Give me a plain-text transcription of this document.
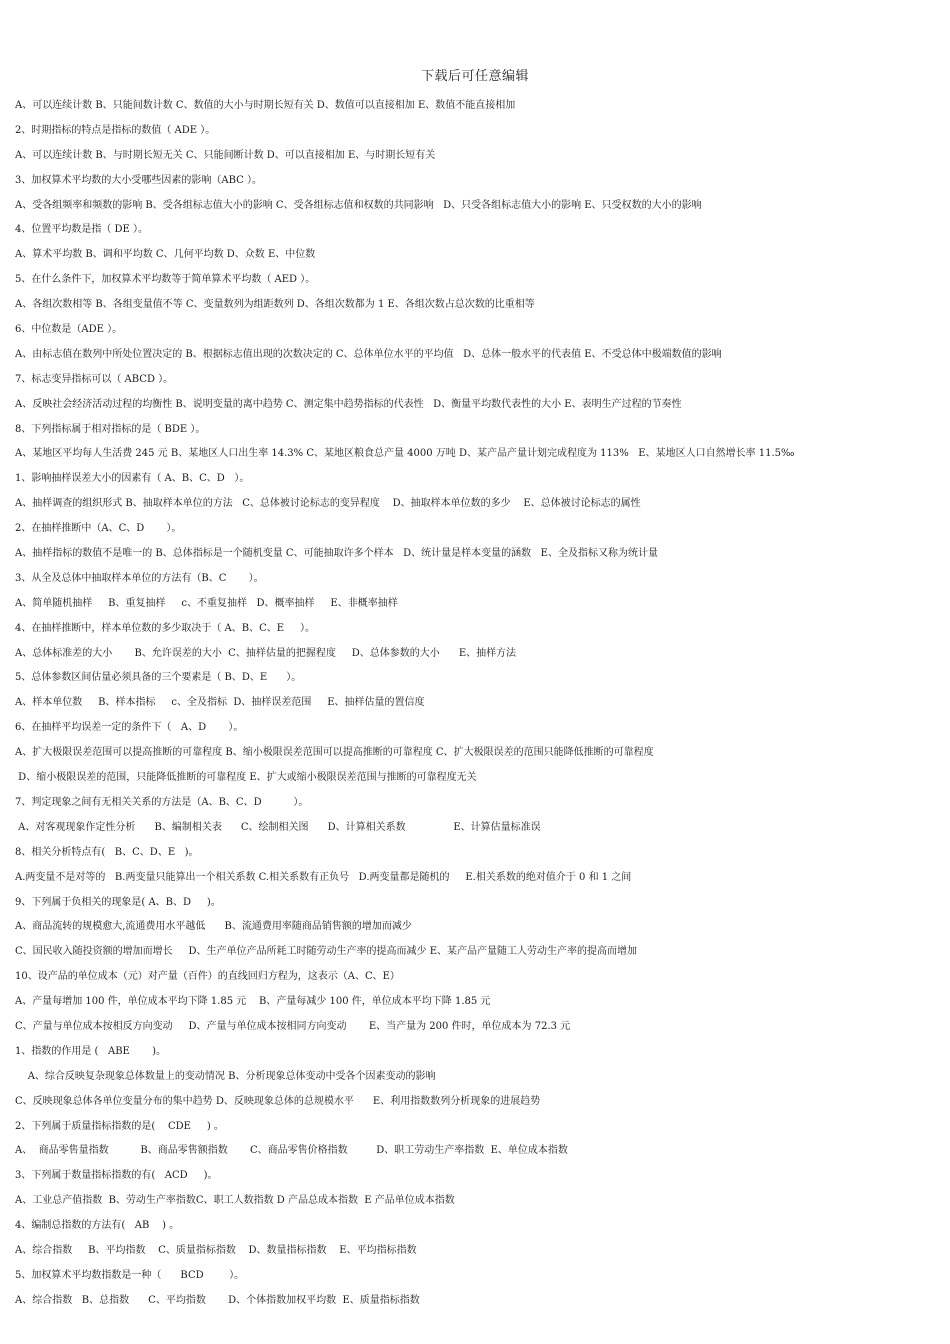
下载后可任意编辑
A、可以连续计数 B、只能间数计数 C、数值的大小与时期长短有关 D、数值可以直接相加 E、数值不能直接相加
2、时期指标的特点是指标的数值（ ADE ）。
A、可以连续计数 B、与时期长短无关 C、只能间断计数 D、可以直接相加 E、与时期长短有关
3、加权算术平均数的大小受哪些因素的影响（ABC ）。
A、受各组频率和频数的影响 B、受各组标志值大小的影响 C、受各组标志值和权数的共同影响   D、只受各组标志值大小的影响 E、只受权数的大小的影响
4、位置平均数是指（ DE ）。
A、算术平均数 B、调和平均数 C、几何平均数 D、众数 E、中位数
5、在什么条件下，加权算术平均数等于简单算术平均数（ AED ）。
A、各组次数相等 B、各组变量值不等 C、变量数列为组距数列 D、各组次数都为 1 E、各组次数占总次数的比重相等
6、中位数是（ADE ）。
A、由标志值在数列中所处位置决定的 B、根据标志值出现的次数决定的 C、总体单位水平的平均值   D、总体一般水平的代表值 E、不受总体中极端数值的影响
7、标志变异指标可以（ ABCD ）。
A、反映社会经济活动过程的均衡性 B、说明变量的离中趋势 C、测定集中趋势指标的代表性   D、衡量平均数代表性的大小 E、表明生产过程的节奏性
8、下列指标属于相对指标的是（ BDE ）。
A、某地区平均每人生活费 245 元 B、某地区人口出生率 14.3% C、某地区粮食总产量 4000 万吨 D、某产品产量计划完成程度为 113%   E、某地区人口自然增长率 11.5‰
1、影响抽样误差大小的因素有（ A、B、C、D   ）。
A、抽样调查的组织形式 B、抽取样本单位的方法   C、总体被讨论标志的变异程度    D、抽取样本单位数的多少    E、总体被讨论标志的属性
2、在抽样推断中（A、C、D       ）。
A、抽样指标的数值不是唯一的 B、总体指标是一个随机变量 C、可能抽取许多个样本   D、统计量是样本变量的涵数   E、全及指标又称为统计量
3、从全及总体中抽取样本单位的方法有（B、C       ）。
A、简单随机抽样     B、重复抽样     c、不重复抽样   D、概率抽样     E、非概率抽样
4、在抽样推断中，样本单位数的多少取决于（ A、B、C、E     ）。
A、总体标准差的大小       B、允许误差的大小  C、抽样估量的把握程度     D、总体参数的大小      E、抽样方法
5、总体参数区间估量必须具备的三个要素是（ B、D、E      ）。
A、样本单位数     B、样本指标     c、全及指标  D、抽样误差范围     E、抽样估量的置信度
6、在抽样平均误差一定的条件下（   A、D       ）。
A、扩大极限误差范围可以提高推断的可靠程度 B、缩小极限误差范围可以提高推断的可靠程度 C、扩大极限误差的范围只能降低推断的可靠程度
D、缩小极限误差的范围，只能降低推断的可靠程度 E、扩大或缩小极限误差范围与推断的可靠程度无关
7、判定现象之间有无相关关系的方法是（A、B、C、D          ）。
A、对客观现象作定性分析      B、编制相关表      C、绘制相关图      D、计算相关系数               E、计算估量标准误
8、相关分析特点有(   B、C、D、E   )。
A.两变量不是对等的   B.两变量只能算出一个相关系数 C.相关系数有正负号   D.两变量都是随机的     E.相关系数的绝对值介于 0 和 1 之间
9、下列属于负相关的现象是( A、B、D     )。
A、商品流转的规模愈大,流通费用水平越低      B、流通费用率随商品销售额的增加而减少
C、国民收入随投资额的增加而增长     D、生产单位产品所耗工时随劳动生产率的提高而减少 E、某产品产量随工人劳动生产率的提高而增加
10、设产品的单位成本（元）对产量（百件）的直线回归方程为，这表示（A、C、E）
A、产量每增加 100 件，单位成本平均下降 1.85 元    B、产量每减少 100 件，单位成本平均下降 1.85 元
C、产量与单位成本按相反方向变动     D、产量与单位成本按相同方向变动       E、当产量为 200 件时，单位成本为 72.3 元
1、指数的作用是 (   ABE       )。
A、综合反映复杂现象总体数量上的变动情况 B、分析现象总体变动中受各个因素变动的影响
C、反映现象总体各单位变量分布的集中趋势 D、反映现象总体的总规模水平      E、利用指数数列分析现象的进展趋势
2、下列属于质量指标指数的是(    CDE     ) 。
A、  商品零售量指数          B、商品零售额指数       C、商品零售价格指数         D、职工劳动生产率指数  E、单位成本指数
3、下列属于数量指标指数的有(   ACD     )。
A、工业总产值指数  B、劳动生产率指数C、职工人数指数 D 产品总成本指数  E 产品单位成本指数
4、编制总指数的方法有(   AB    ) 。
A、综合指数     B、平均指数    C、质量指标指数    D、数量指标指数    E、平均指标指数
5、加权算术平均数指数是一种（      BCD        ）。
A、综合指数   B、总指数      C、平均指数       D、个体指数加权平均数  E、质量指标指数
